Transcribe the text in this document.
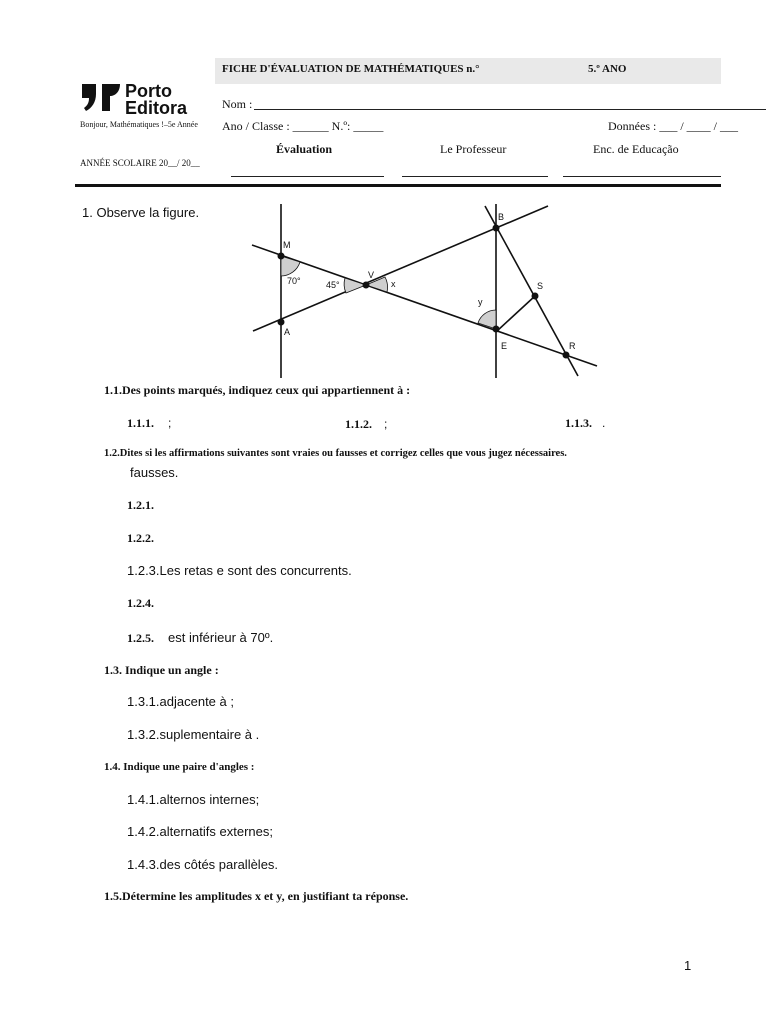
FICHE D'ÉVALUATION DE MATHÉMATIQUES n.°	5.º ANO
Porto
Editora
Bonjour, Mathématiques !–5e Année
ANNÉE SCOLAIRE 20__/ 20__
Nom :
Ano / Classe : ______ N.º: _____	Données : ___ / ____ / ___
Évaluation	Le Professeur	Enc. de Educação
1. Observe la figure.
M
V
A
B
S
E	R
70°	45°	x
y
1.1.Des points marqués, indiquez ceux qui appartiennent à :
1.1.1. ;	1.1.2. ;	1.1.3. .
1.2.Dites si les affirmations suivantes sont vraies ou fausses et corrigez celles que vous jugez nécessaires.
fausses.
1.2.1.
1.2.2.
1.2.3.Les retas e sont des concurrents.
1.2.4.
1.2.5. est inférieur à 70º.
1.3. Indique un angle :
1.3.1.adjacente à ;
1.3.2.suplementaire à .
1.4. Indique une paire d'angles :
1.4.1.alternos internes;
1.4.2.alternatifs externes;
1.4.3.des côtés parallèles.
1.5.Détermine les amplitudes x et y, en justifiant ta réponse.
1
